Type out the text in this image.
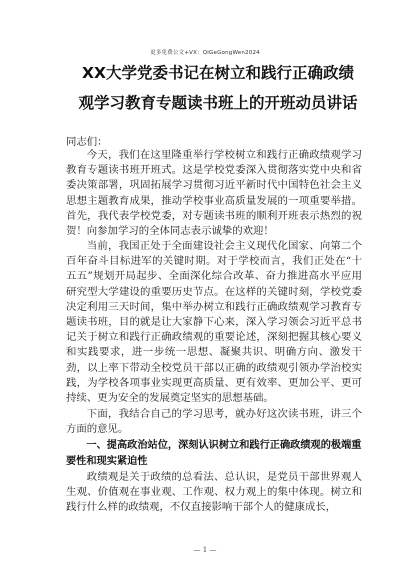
更多免费公文+VX：QiGeGongWen2024
XX大学党委书记在树立和践行正确政绩
观学习教育专题读书班上的开班动员讲话
同志们：

今天，我们在这里隆重举行学校树立和践行正确政绩观学习教育专题读书班开班式。这是学校党委深入贯彻落实党中央和省委决策部署，巩固拓展学习贯彻习近平新时代中国特色社会主义思想主题教育成果，推动学校事业高质量发展的一项重要举措。首先，我代表学校党委，对专题读书班的顺利开班表示热烈的祝贺！向参加学习的全体同志表示诚挚的欢迎！

当前，我国正处于全面建设社会主义现代化国家、向第二个百年奋斗目标进军的关键时期。对于学校而言，我们正处在“十五五”规划开局起步、全面深化综合改革、奋力推进高水平应用研究型大学建设的重要历史节点。在这样的关键时刻，学校党委决定利用三天时间，集中举办树立和践行正确政绩观学习教育专题读书班，目的就是让大家静下心来，深入学习领会习近平总书记关于树立和践行正确政绩观的重要论述，深刻把握其核心要义和实践要求，进一步统一思想、凝聚共识、明确方向、激发干劲，以上率下带动全校党员干部以正确的政绩观引领办学治校实践，为学校各项事业实现更高质量、更有效率、更加公平、更可持续、更为安全的发展奠定坚实的思想基础。

下面，我结合自己的学习思考，就办好这次读书班，讲三个方面的意见。

一、提高政治站位，深刻认识树立和践行正确政绩观的极端重要性和现实紧迫性

政绩观是关于政绩的总看法、总认识，是党员干部世界观人生观、价值观在事业观、工作观、权力观上的集中体现。树立和践行什么样的政绩观，不仅直接影响干部个人的健康成长，

— 1 —
